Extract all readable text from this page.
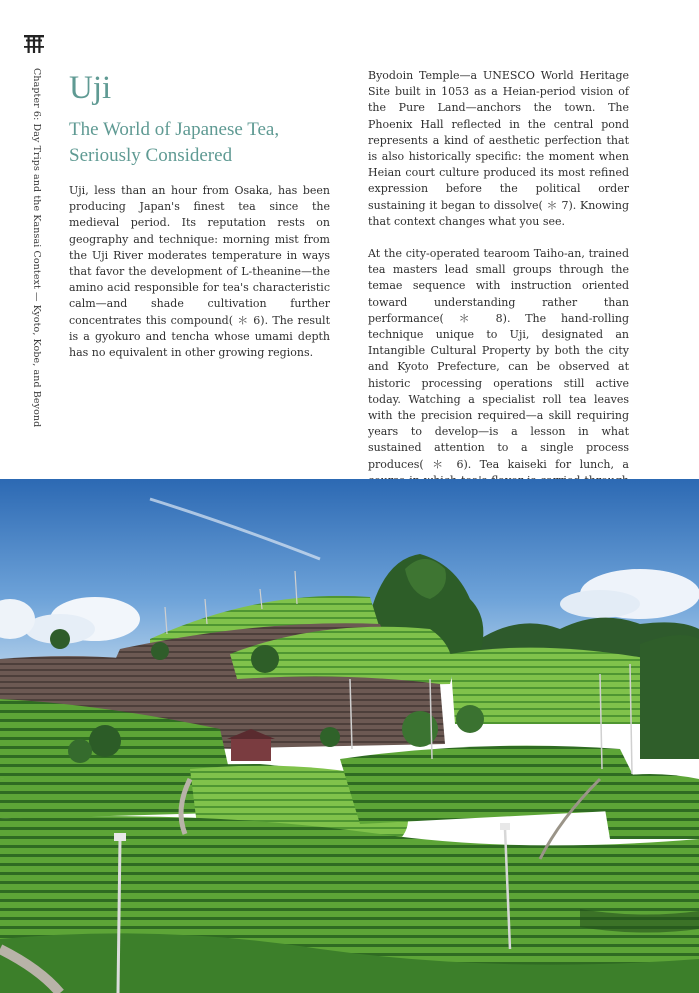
Chapter 6: Day Trips and the Kansai Context — Kyoto, Kobe, and Beyond Uji
The World of Japanese Tea, Seriously Considered

Uji, less than an hour from Osaka, has been producing Japan's finest tea since the medieval period. Its reputation rests on geography and technique: morning mist from the Uji River moderates temperature in ways that favor the development of L-theanine—the amino acid responsible for tea's characteristic calm—and shade cultivation further concentrates this compound( ＊ 6). The result is a gyokuro and tencha whose umami depth has no equivalent in other growing regions.

Byodoin Temple—a UNESCO World Heritage Site built in 1053 as a Heian-period vision of the Pure Land—anchors the town. The Phoenix Hall reflected in the central pond represents a kind of aesthetic perfection that is also historically specific: the moment when Heian court culture produced its most refined expression before the political order sustaining it began to dissolve( ＊ 7). Knowing that context changes what you see.

At the city-operated tearoom Taiho-an, trained tea masters lead small groups through the temae sequence with instruction oriented toward understanding rather than performance( ＊ 8). The hand-rolling technique unique to Uji, designated an Intangible Cultural Property by both the city and Kyoto Prefecture, can be observed at historic processing operations still active today. Watching a specialist roll tea leaves with the precision required—a skill requiring years to develop—is a lesson in what sustained attention to a single process produces( ＊ 6). Tea kaiseki for lunch, a
